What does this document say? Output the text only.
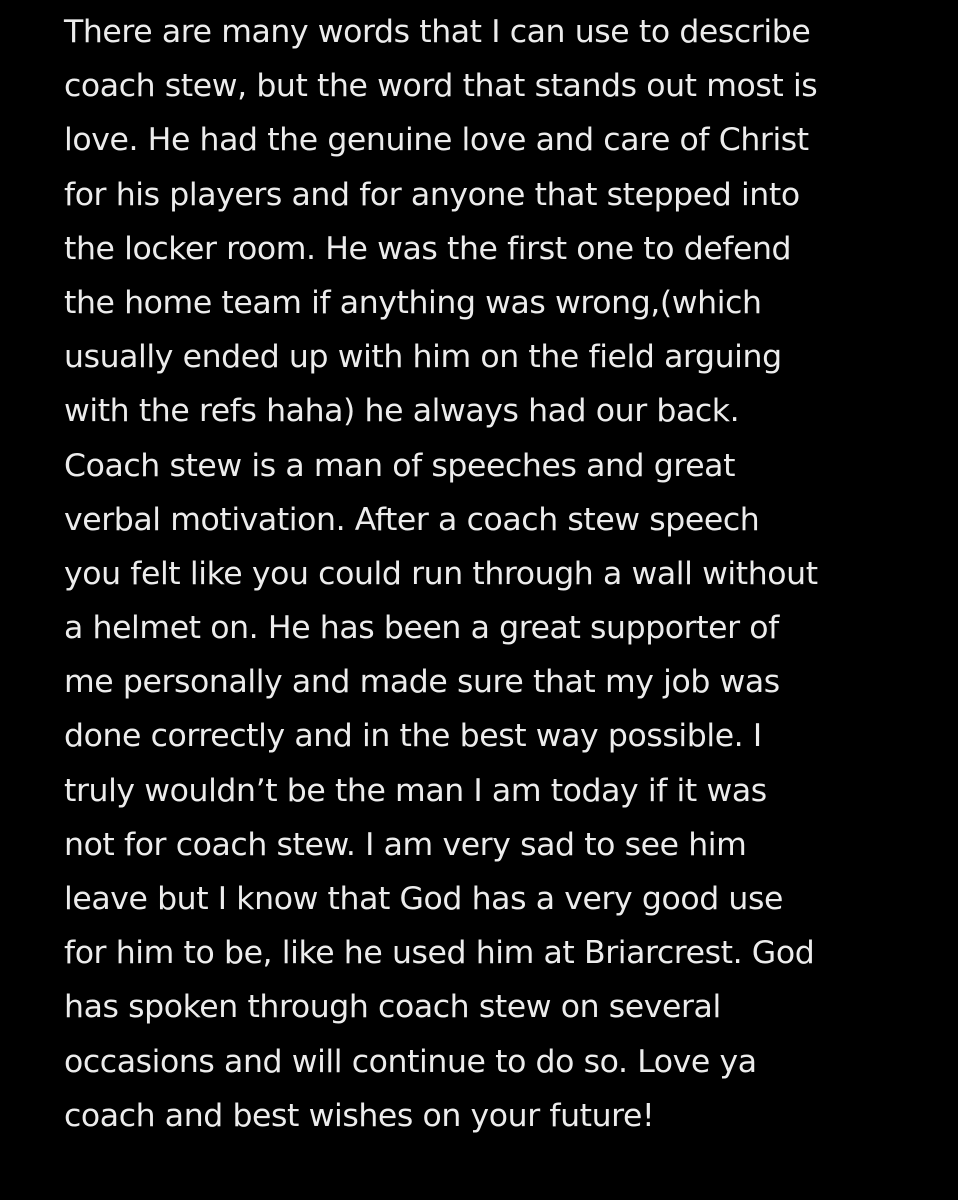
There are many words that I can use to describe
coach stew, but the word that stands out most is
love. He had the genuine love and care of Christ
for his players and for anyone that stepped into
the locker room. He was the first one to defend
the home team if anything was wrong,(which
usually ended up with him on the field arguing
with the refs haha) he always had our back.
Coach stew is a man of speeches and great
verbal motivation. After a coach stew speech
you felt like you could run through a wall without
a helmet on. He has been a great supporter of
me personally and made sure that my job was
done correctly and in the best way possible. I
truly wouldn’t be the man I am today if it was
not for coach stew. I am very sad to see him
leave but I know that God has a very good use
for him to be, like he used him at Briarcrest. God
has spoken through coach stew on several
occasions and will continue to do so. Love ya
coach and best wishes on your future!
